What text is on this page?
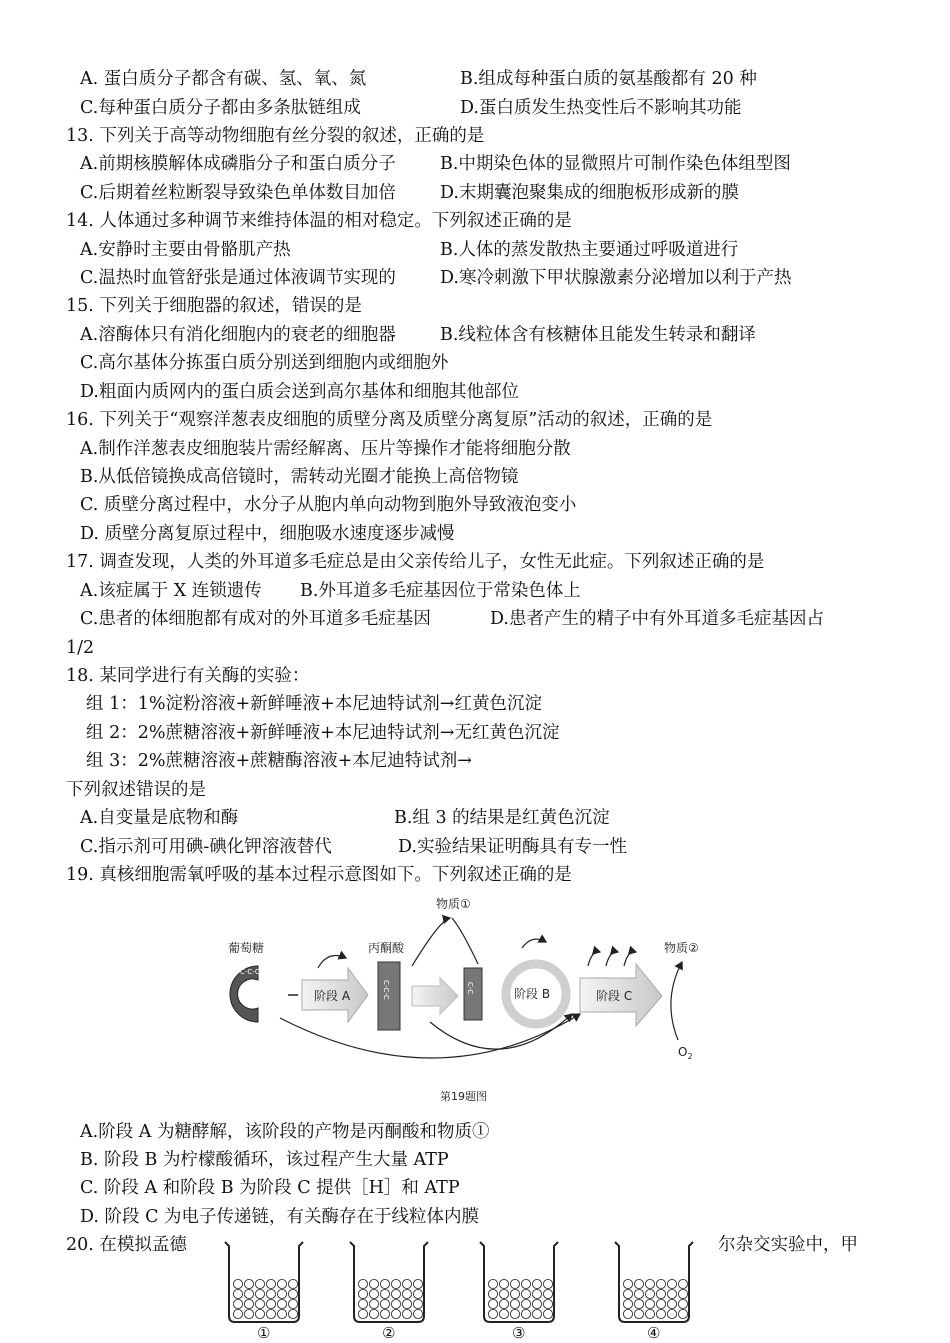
A. 蛋白质分子都含有碳、氢、氧、氮	B.组成每种蛋白质的氨基酸都有 20 种
C.每种蛋白质分子都由多条肽链组成	D.蛋白质发生热变性后不影响其功能
13. 下列关于高等动物细胞有丝分裂的叙述，正确的是
A.前期核膜解体成磷脂分子和蛋白质分子	B.中期染色体的显微照片可制作染色体组型图
C.后期着丝粒断裂导致染色单体数目加倍	D.末期囊泡聚集成的细胞板形成新的膜
14. 人体通过多种调节来维持体温的相对稳定。下列叙述正确的是
A.安静时主要由骨骼肌产热	B.人体的蒸发散热主要通过呼吸道进行
C.温热时血管舒张是通过体液调节实现的	D.寒冷刺激下甲状腺激素分泌增加以利于产热
15. 下列关于细胞器的叙述，错误的是
A.溶酶体只有消化细胞内的衰老的细胞器	B.线粒体含有核糖体且能发生转录和翻译
C.高尔基体分拣蛋白质分别送到细胞内或细胞外
D.粗面内质网内的蛋白质会送到高尔基体和细胞其他部位
16. 下列关于“观察洋葱表皮细胞的质壁分离及质壁分离复原”活动的叙述，正确的是
A.制作洋葱表皮细胞装片需经解离、压片等操作才能将细胞分散
B.从低倍镜换成高倍镜时，需转动光圈才能换上高倍物镜
C. 质壁分离过程中，水分子从胞内单向动物到胞外导致液泡变小
D. 质壁分离复原过程中，细胞吸水速度逐步减慢
17. 调查发现，人类的外耳道多毛症总是由父亲传给儿子，女性无此症。下列叙述正确的是
A.该症属于 X 连锁遗传 B.外耳道多毛症基因位于常染色体上
C.患者的体细胞都有成对的外耳道多毛症基因	D.患者产生的精子中有外耳道多毛症基因占
1/2
18. 某同学进行有关酶的实验：
组 1：1%淀粉溶液+新鲜唾液+本尼迪特试剂→红黄色沉淀
组 2：2%蔗糖溶液+新鲜唾液+本尼迪特试剂→无红黄色沉淀
组 3：2%蔗糖溶液+蔗糖酶溶液+本尼迪特试剂→
下列叙述错误的是
A.自变量是底物和酶	B.组 3 的结果是红黄色沉淀
C.指示剂可用碘-碘化钾溶液替代	D.实验结果证明酶具有专一性
19. 真核细胞需氧呼吸的基本过程示意图如下。下列叙述正确的是
葡萄糖	丙酮酸
物质①
物质②
C-C-C
阶段 A	C-C-C	C-C	阶段 B	阶段 C
$O_2$
第19题图
A.阶段 A 为糖酵解，该阶段的产物是丙酮酸和物质①
B. 阶段 B 为柠檬酸循环，该过程产生大量 ATP
C. 阶段 A 和阶段 B 为阶段 C 提供［H］和 ATP
D. 阶段 C 为电子传递链，有关酶存在于线粒体内膜
20. 在模拟孟德	尔杂交实验中，甲
①	②	③	④
